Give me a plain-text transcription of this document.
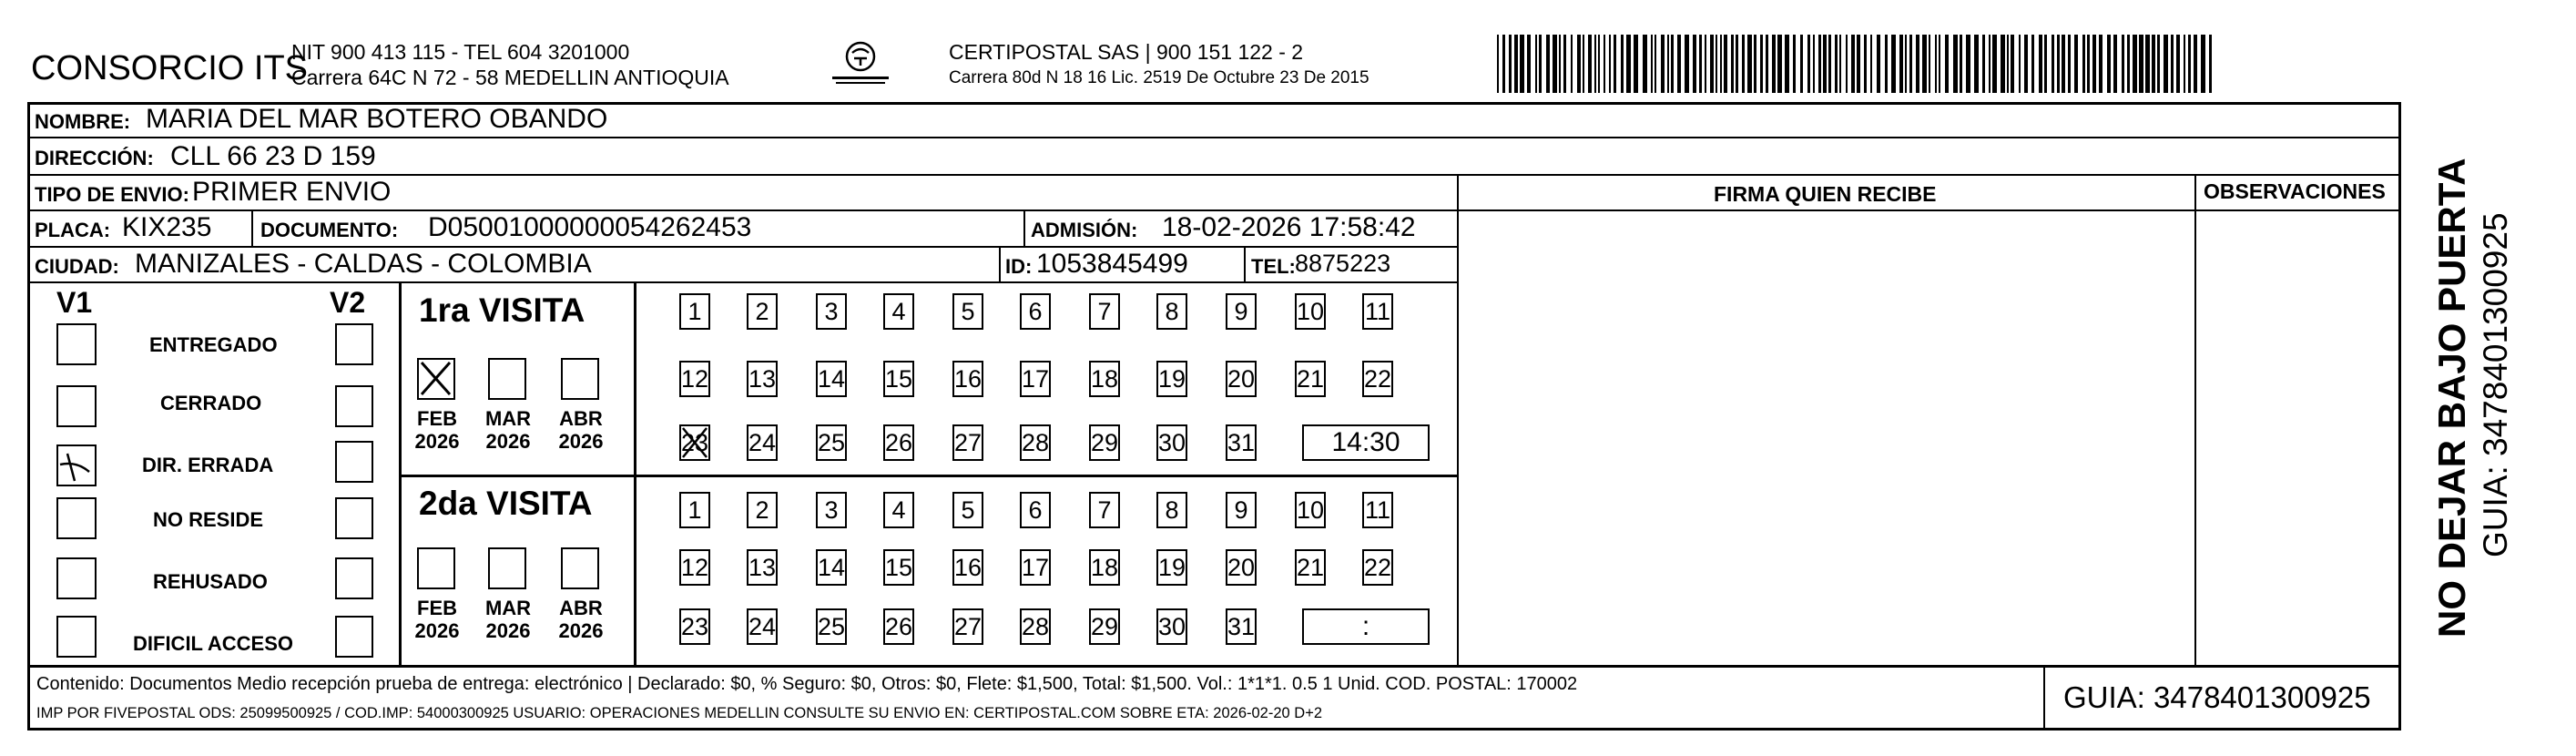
CONSORCIO ITS
NIT 900 413 115 - TEL 604 3201000
Carrera 64C N 72 - 58 MEDELLIN ANTIOQUIA
CERTIPOSTAL SAS | 900 151 122 - 2
Carrera 80d N 18 16 Lic. 2519 De Octubre 23 De 2015
NOMBRE: MARIA DEL MAR BOTERO OBANDO
DIRECCIÓN: CLL 66 23 D 159
TIPO DE ENVIO: PRIMER ENVIO	FIRMA QUIEN RECIBE	OBSERVACIONES
PLACA: KIX235 DOCUMENTO: D05001000000054262453	ADMISIÓN: 18-02-2026 17:58:42
CIUDAD: MANIZALES - CALDAS - COLOMBIA	ID: 1053845499	TEL: 8875223
V1	V2
ENTREGADO
CERRADO
DIR. ERRADA
NO RESIDE
REHUSADO
DIFICIL ACCESO
1ra VISITA
FEB
2026
MAR
2026
ABR
2026
1	2	3	4	5	6	7	8	9	10 11
12 13 14 15 16 17 18 19 20 21 22
23 24 25 26 27 28 29 30 31	14:30
2da VISITA
FEB
2026
MAR
2026
ABR
2026
1	2	3	4	5	6	7	8	9	10 11
12 13 14 15 16 17 18 19 20 21 22
23 24 25 26 27 28 29 30 31	:
Contenido: Documentos Medio recepción prueba de entrega: electrónico | Declarado: $0, % Seguro: $0, Otros: $0, Flete: $1,500, Total: $1,500. Vol.: 1*1*1. 0.5 1 Unid. COD. POSTAL: 170002
IMP POR FIVEPOSTAL ODS: 25099500925 / COD.IMP: 54000300925 USUARIO: OPERACIONES MEDELLIN CONSULTE SU ENVIO EN: CERTIPOSTAL.COM SOBRE ETA: 2026-02-20 D+2	GUIA: 3478401300925
NO DEJAR BAJO PUERTA GUIA: 3478401300925
